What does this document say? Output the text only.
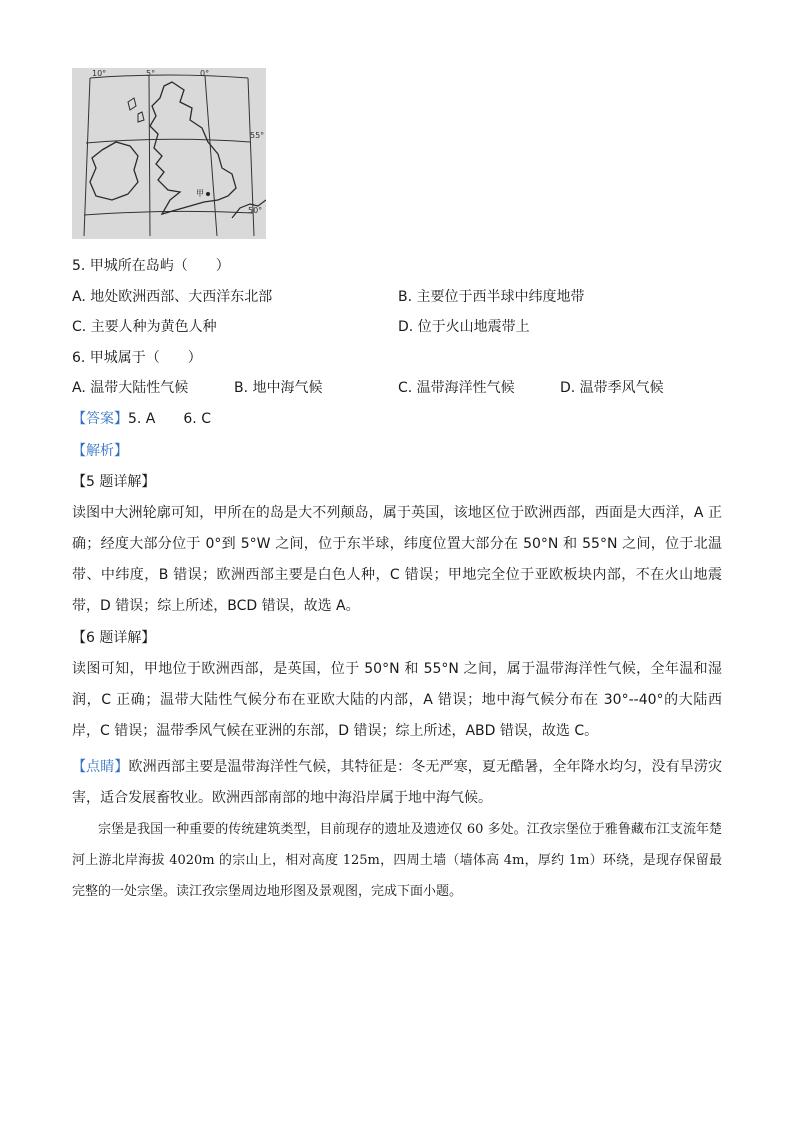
10°	5°	0°
55°
50°
甲
5. 甲城所在岛屿（　　）
A. 地处欧洲西部、大西洋东北部	B. 主要位于西半球中纬度地带
C. 主要人种为黄色人种	D. 位于火山地震带上
6. 甲城属于（　　）
A. 温带大陆性气候	B. 地中海气候	C. 温带海洋性气候	D. 温带季风气候
【答案】5. A　　6. C
【解析】
【5 题详解】
读图中大洲轮廓可知，甲所在的岛是大不列颠岛，属于英国，该地区位于欧洲西部，西面是大西洋，A 正确；经度大部分位于 0°到 5°W 之间，位于东半球，纬度位置大部分在 50°N 和 55°N 之间，位于北温带、中纬度，B 错误；欧洲西部主要是白色人种，C 错误；甲地完全位于亚欧板块内部，不在火山地震带，D 错误；综上所述，BCD 错误，故选 A。
【6 题详解】
读图可知，甲地位于欧洲西部，是英国，位于 50°N 和 55°N 之间，属于温带海洋性气候，全年温和湿润，C 正确；温带大陆性气候分布在亚欧大陆的内部，A 错误；地中海气候分布在 30°--40°的大陆西岸，C 错误；温带季风气候在亚洲的东部，D 错误；综上所述，ABD 错误，故选 C。
【点睛】欧洲西部主要是温带海洋性气候，其特征是：冬无严寒，夏无酷暑，全年降水均匀，没有旱涝灾害，适合发展畜牧业。欧洲西部南部的地中海沿岸属于地中海气候。
宗堡是我国一种重要的传统建筑类型，目前现存的遗址及遗迹仅 60 多处。江孜宗堡位于雅鲁藏布江支流年楚河上游北岸海拔 4020m 的宗山上，相对高度 125m，四周土墙（墙体高 4m，厚约 1m）环绕，是现存保留最完整的一处宗堡。读江孜宗堡周边地形图及景观图，完成下面小题。
